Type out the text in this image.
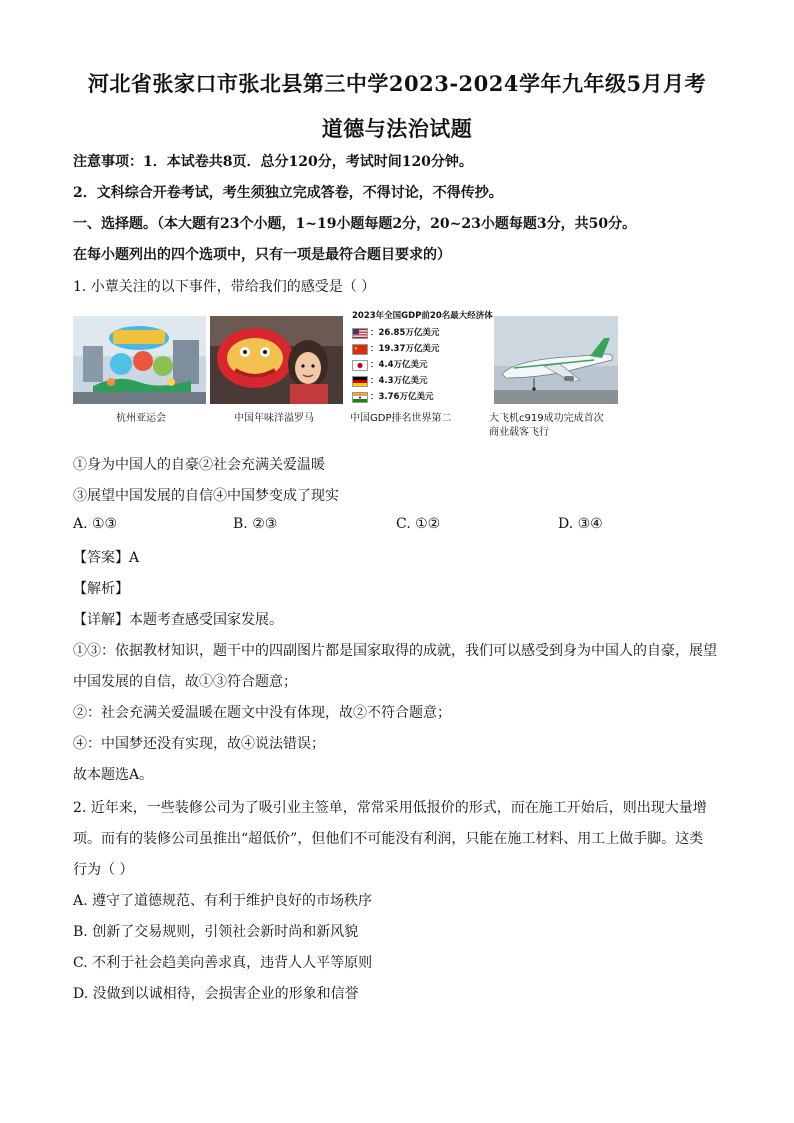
河北省张家口市张北县第三中学2023-2024学年九年级5月月考
道德与法治试题
注意事项：1．本试卷共8页．总分120分，考试时间120分钟。
2．文科综合开卷考试，考生须独立完成答卷，不得讨论，不得传抄。
一、选择题。（本大题有23个小题，1~19小题每题2分，20~23小题每题3分，共50分。
在每小题列出的四个选项中，只有一项是最符合题目要求的）
1. 小蕈关注的以下事件，带给我们的感受是（ ）
杭州亚运会	中国年味洋溢罗马
2023年全国GDP前20名最大经济体
：26.85万亿美元
：19.37万亿美元
：4.4万亿美元
：4.3万亿美元
：3.76万亿美元
中国GDP排名世界第二	大飞机c919成功完成首次
商业载客飞行
①身为中国人的自豪②社会充满关爱温暖
③展望中国发展的自信④中国梦变成了现实
A. ①③	B. ②③	C. ①②	D. ③④
【答案】A
【解析】
【详解】本题考查感受国家发展。
①③：依据教材知识，题干中的四副图片都是国家取得的成就，我们可以感受到身为中国人的自豪，展望
中国发展的自信，故①③符合题意；
②：社会充满关爱温暖在题文中没有体现，故②不符合题意；
④：中国梦还没有实现，故④说法错误；
故本题选A。
2. 近年来，一些装修公司为了吸引业主签单，常常采用低报价的形式，而在施工开始后，则出现大量增
项。而有的装修公司虽推出“超低价”，但他们不可能没有利润，只能在施工材料、用工上做手脚。这类
行为（ ）
A. 遵守了道德规范、有利于维护良好的市场秩序
B. 创新了交易规则，引领社会新时尚和新风貌
C. 不利于社会趋美向善求真，违背人人平等原则
D. 没做到以诚相待，会损害企业的形象和信誉
